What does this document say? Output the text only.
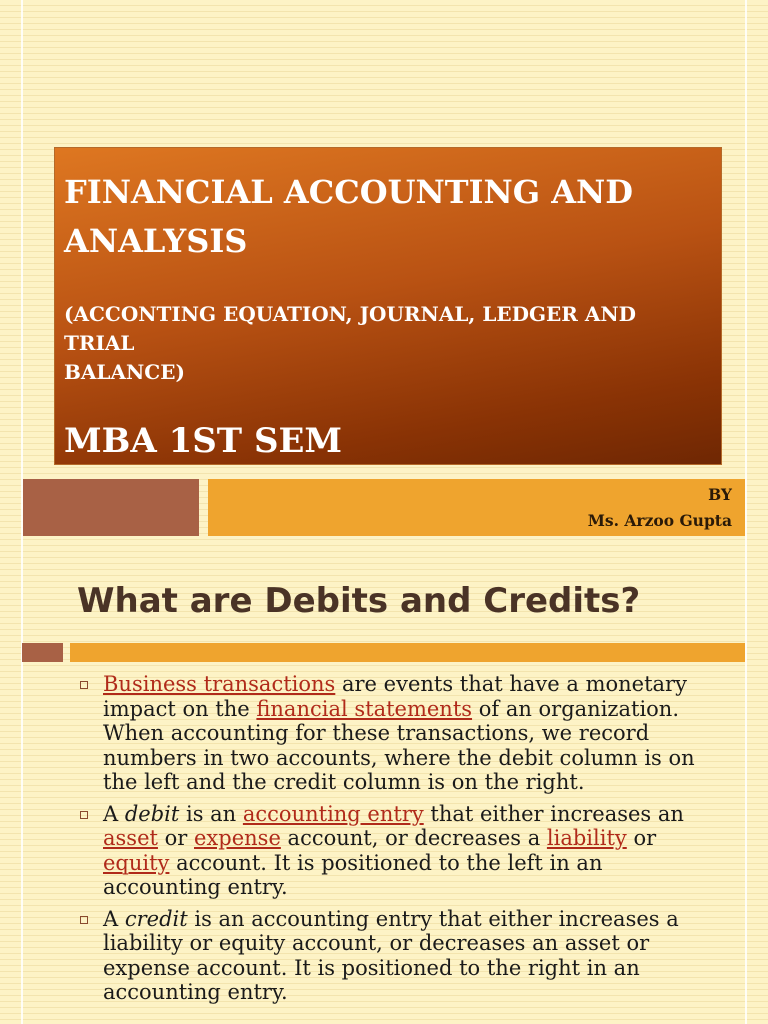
FINANCIAL ACCOUNTING AND
ANALYSIS

(ACCONTING EQUATION, JOURNAL, LEDGER AND TRIAL
BALANCE)

MBA 1ST SEM

BY
Ms. Arzoo Gupta
What are Debits and Credits?
Business transactions are events that have a monetary impact on the financial statements of an organization. When accounting for these transactions, we record numbers in two accounts, where the debit column is on the left and the credit column is on the right.
A debit is an accounting entry that either increases an asset or expense account, or decreases a liability or equity account. It is positioned to the left in an accounting entry.
A credit is an accounting entry that either increases a liability or equity account, or decreases an asset or expense account. It is positioned to the right in an accounting entry.
